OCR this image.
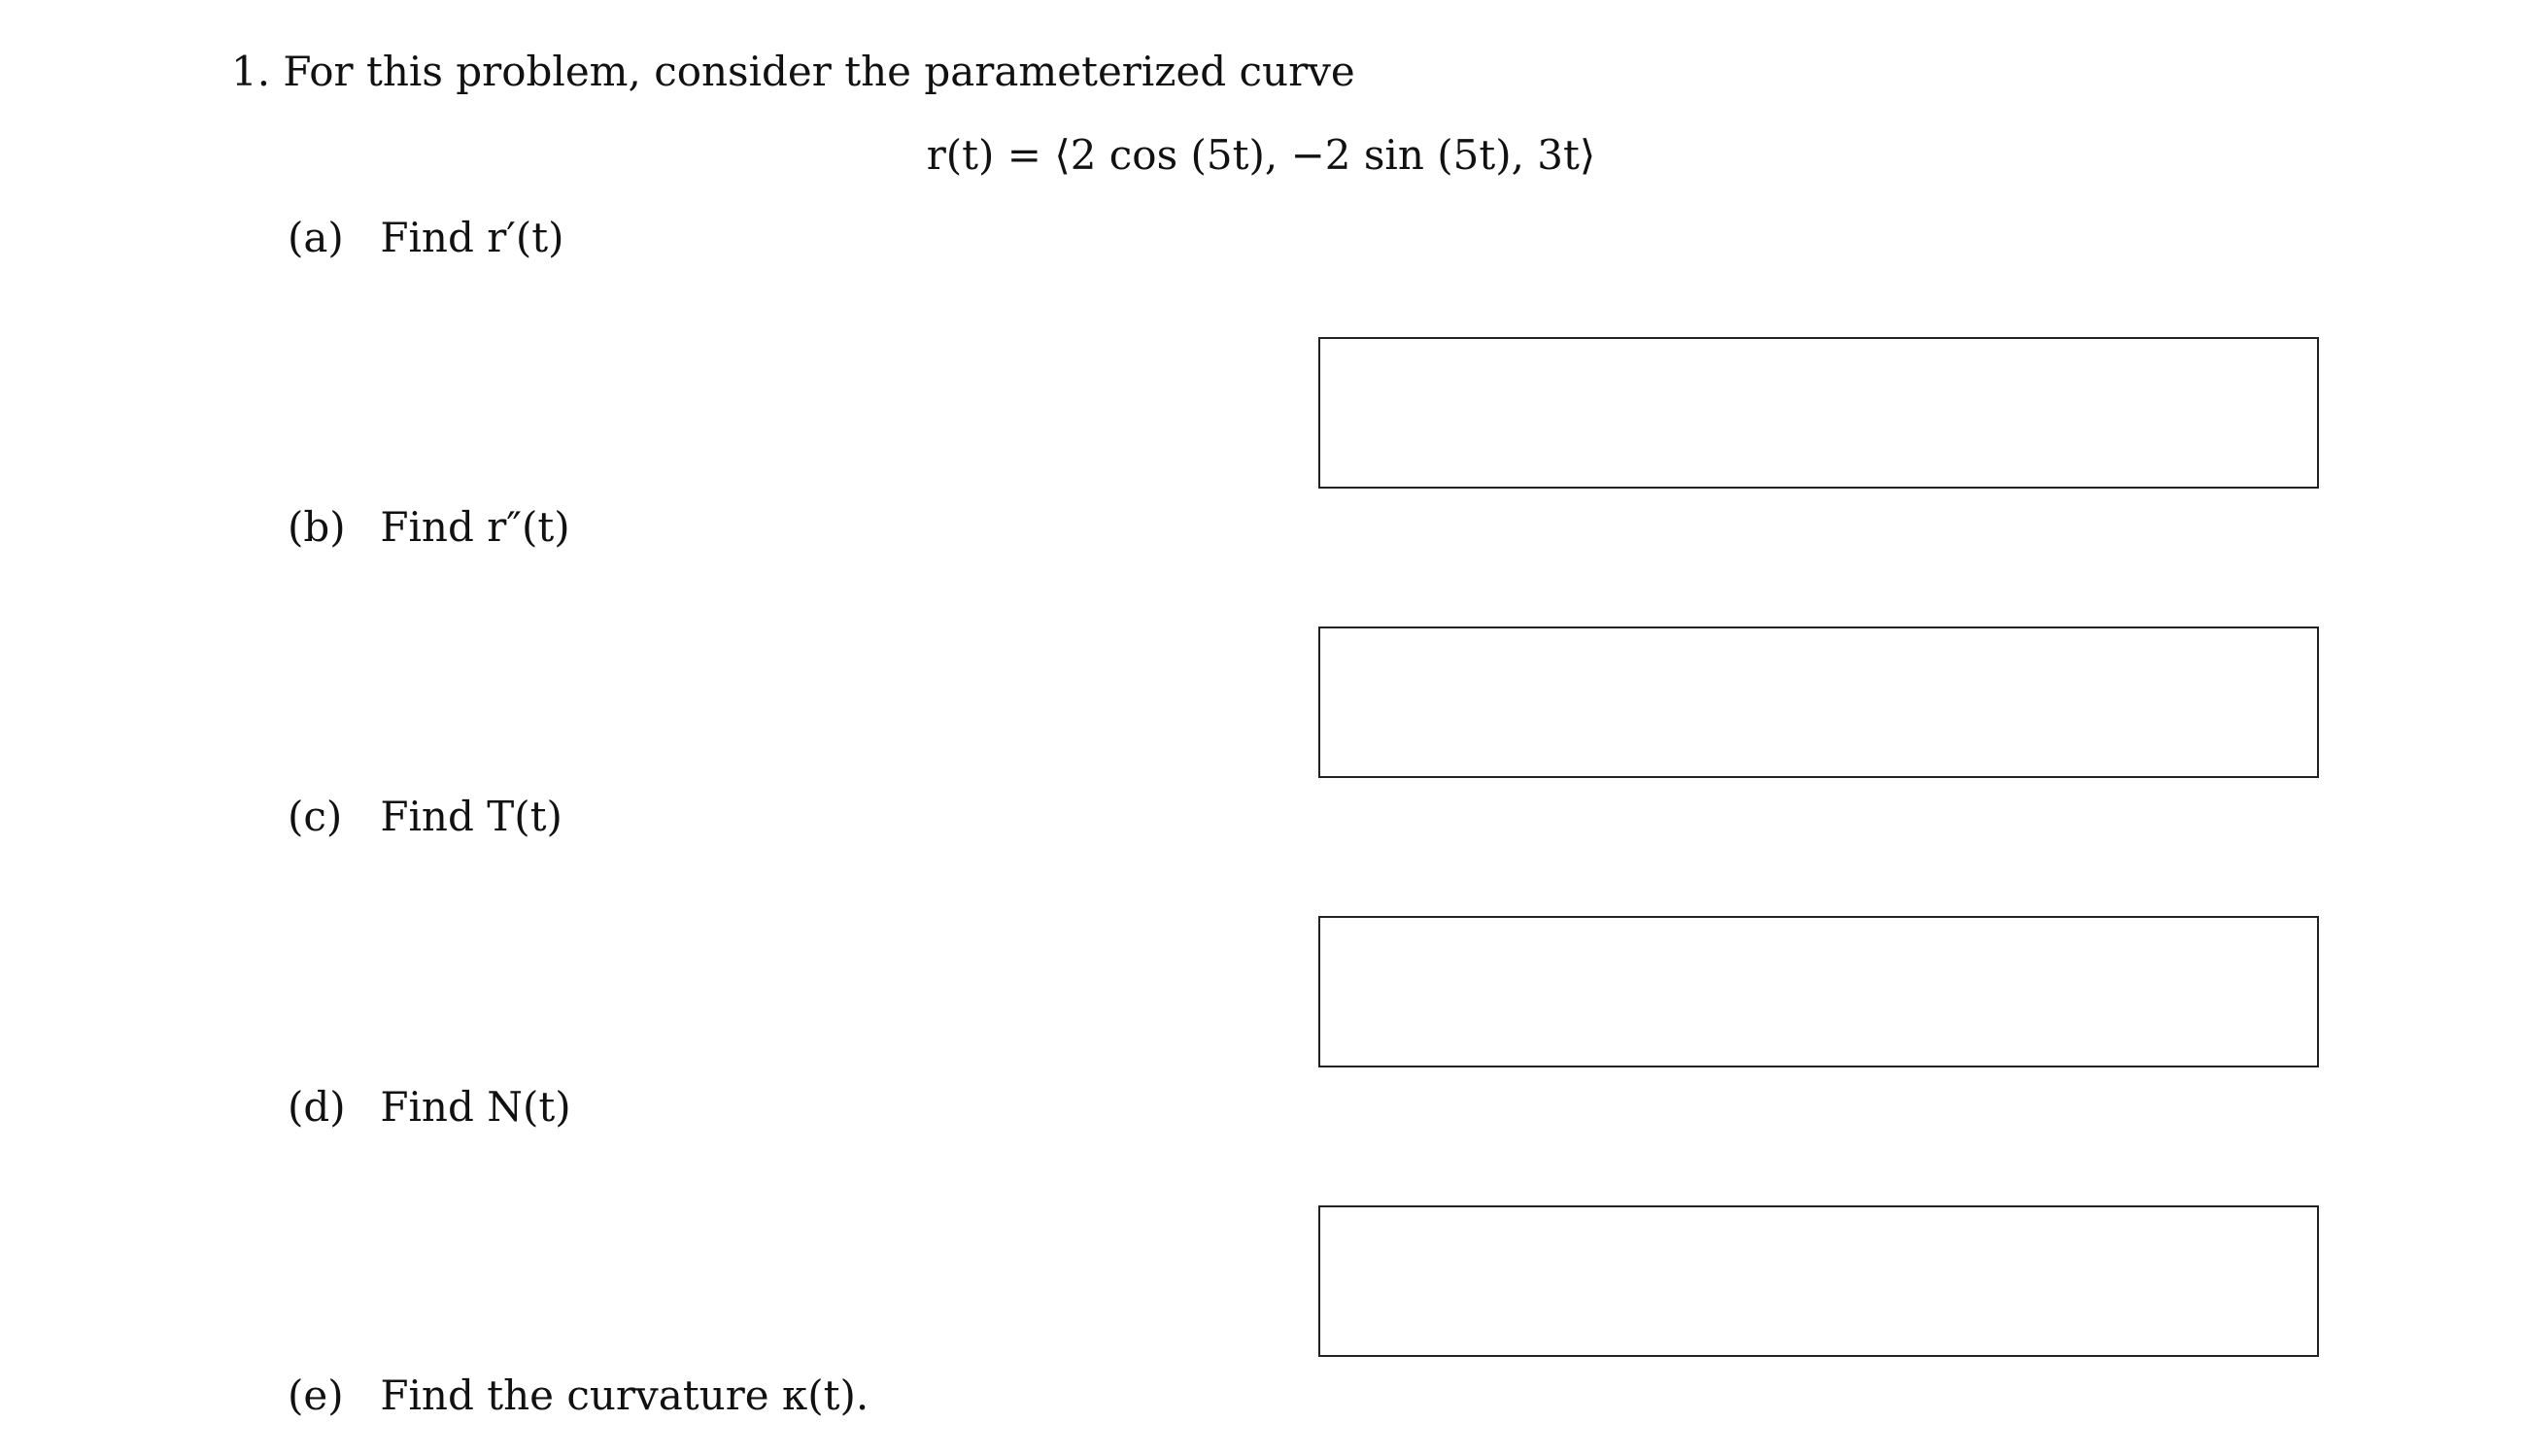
1. For this problem, consider the parameterized curve
r(t) = ⟨2 cos (5t), −2 sin (5t), 3t⟩
(a) Find r′(t)
(b) Find r″(t)
(c) Find T(t)
(d) Find N(t)
(e) Find the curvature κ(t).
